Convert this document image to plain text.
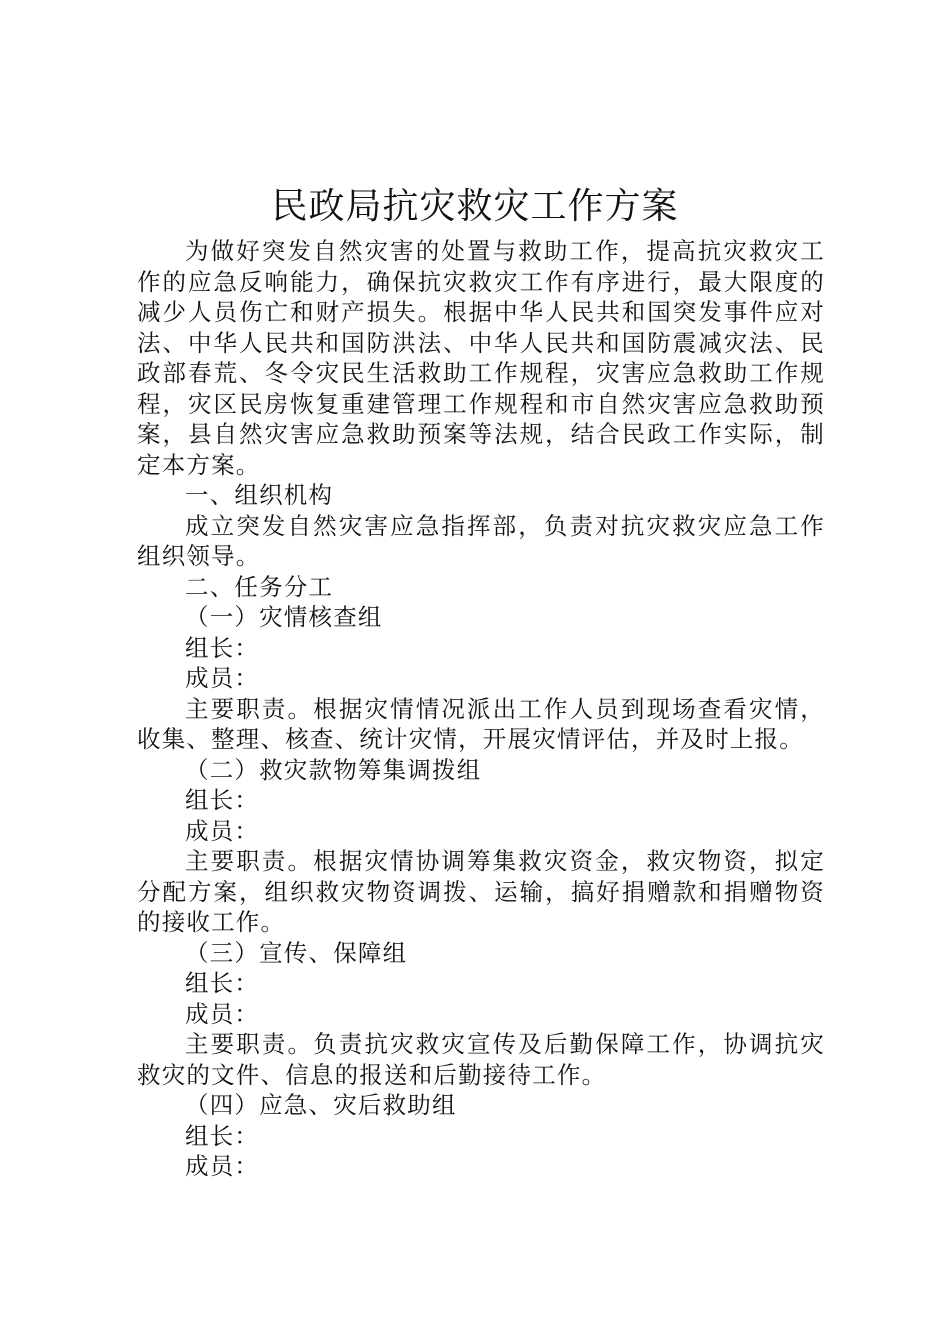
民政局抗灾救灾工作方案

为做好突发自然灾害的处置与救助工作，提高抗灾救灾工作的应急反响能力，确保抗灾救灾工作有序进行，最大限度的减少人员伤亡和财产损失。根据中华人民共和国突发事件应对法、中华人民共和国防洪法、中华人民共和国防震减灾法、民政部春荒、冬令灾民生活救助工作规程，灾害应急救助工作规程，灾区民房恢复重建管理工作规程和市自然灾害应急救助预案，县自然灾害应急救助预案等法规，结合民政工作实际，制定本方案。

一、组织机构

成立突发自然灾害应急指挥部，负责对抗灾救灾应急工作组织领导。

二、任务分工

（一）灾情核查组

组长：

成员：

主要职责。根据灾情情况派出工作人员到现场查看灾情，收集、整理、核查、统计灾情，开展灾情评估，并及时上报。

（二）救灾款物筹集调拨组

组长：

成员：

主要职责。根据灾情协调筹集救灾资金，救灾物资，拟定分配方案，组织救灾物资调拨、运输，搞好捐赠款和捐赠物资的接收工作。

（三）宣传、保障组

组长：

成员：

主要职责。负责抗灾救灾宣传及后勤保障工作，协调抗灾救灾的文件、信息的报送和后勤接待工作。

（四）应急、灾后救助组

组长：

成员：
